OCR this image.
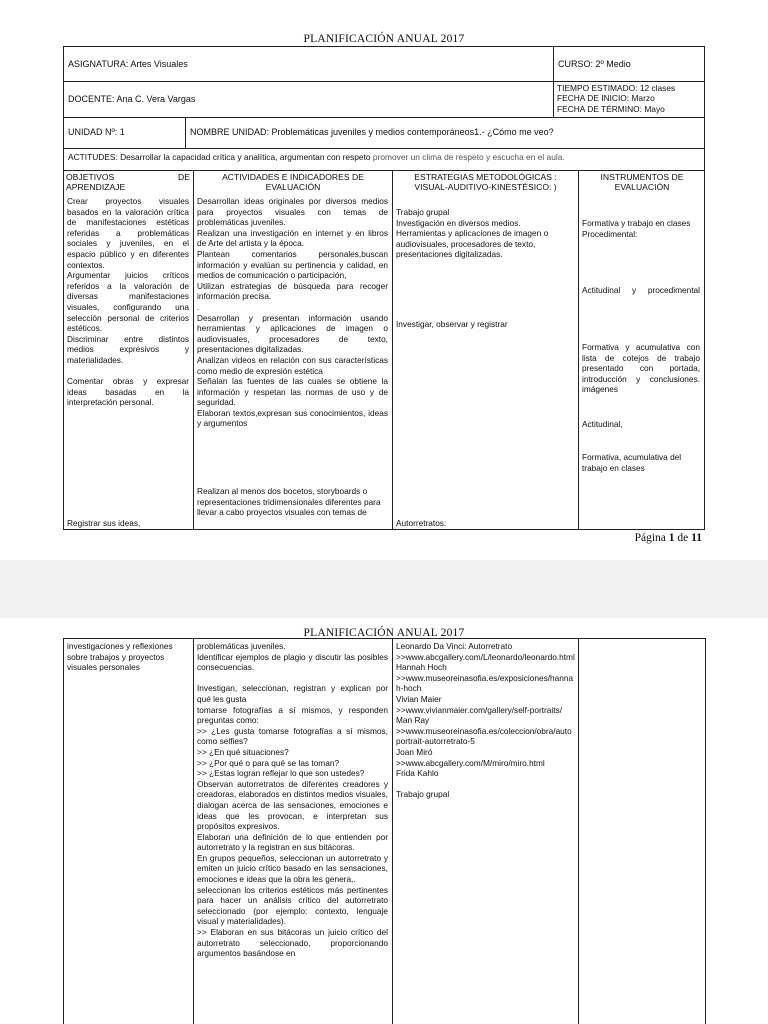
PLANIFICACIÓN ANUAL 2017
ASIGNATURA: Artes Visuales	CURSO: 2º Medio
DOCENTE: Ana C. Vera Vargas
TIEMPO ESTIMADO: 12 clases
FECHA DE INICIO: Marzo
FECHA DE TÉRMINO: Mayo
UNIDAD Nº: 1	NOMBRE UNIDAD: Problemáticas juveniles y medios contemporáneos1.- ¿Cómo me veo?
ACTITUDES: Desarrollar la capacidad crítica y analítica, argumentan con respeto promover un clima de respeto y escucha en el aula.
OBJETIVOS DE
APRENDIZAJE
ACTIVIDADES E INDICADORES DE
EVALUACIÓN
ESTRATEGIAS METODOLÓGICAS :
VISUAL-AUDITIVO-KINESTÉSICO: )
INSTRUMENTOS DE
EVALUACIÓN
Crear proyectos visuales basados en la valoración crítica de manifestaciones estéticas referidas a problemáticas sociales y juveniles, en el espacio público y en diferentes contextos.
Argumentar juicios críticos referidos a la valoración de diversas manifestaciones visuales, configurando una selección personal de criterios estéticos.
Discriminar entre distintos medios expresivos y materialidades.

Comentar obras y expresar ideas basadas en la interpretación personal.
Registrar sus ideas,
Desarrollan ideas originales por diversos medios para proyectos visuales con temas de problemáticas juveniles.
Realizan una investigación en internet y en libros de Arte del artista y la época.
Plantean comentarios personales,buscan información y evalúan su pertinencia y calidad, en medios de comunicación o participación,
Utilizan estrategias de búsqueda para recoger información precisa.
.
Desarrollan y presentan información usando herramientas y aplicaciones de imagen o audiovisuales, procesadores de texto, presentaciones digitalizadas.
Analizan videos en relación con sus características como medio de expresión estética
Señalan las fuentes de las cuales se obtiene la información y respetan las normas de uso y de seguridad.
Elaboran textos,expresan sus conocimientos, ideas y argumentos
Realizan al menos dos bocetos, storyboards o representaciones tridimensionales diferentes para llevar a cabo proyectos visuales con temas de
Trabajo grupal
Investigación en diversos medios.
Herramientas y aplicaciones de imagen o audiovisuales, procesadores de texto, presentaciones digitalizadas.
Investigar, observar y registrar
Autorretratos:
Formativa y trabajo en clases
Procedimental:
Actitudinal y procedimental
Formativa y acumulativa con lista de cotejos de trabajo presentado con portada, introducción y conclusiones. imágenes
Actitudinal,
Formativa, acumulativa del trabajo en clases
Página 1 de 11
PLANIFICACIÓN ANUAL 2017
investigaciones y reflexiones sobre trabajos y proyectos visuales personales
problemáticas juveniles.
Identificar ejemplos de plagio y discutir las posibles consecuencias.

Investigan, seleccionan, registran y explican por qué les gusta
tomarse fotografías a sí mismos, y responden preguntas como:
>> ¿Les gusta tomarse fotografías a sí mismos, como selfies?
>> ¿En qué situaciones?
>> ¿Por qué o para qué se las toman?
>> ¿Estas logran reflejar lo que son ustedes?
Observan autorretratos de diferentes creadores y creadoras, elaborados en distintos medios visuales, dialogan acerca de las sensaciones, emociones e ideas que les provocan, e interpretan sus propósitos expresivos.
Elaboran una definición de lo que entienden por autorretrato y la registran en sus bitácoras.
En grupos pequeños, seleccionan un autorretrato y emiten un juicio crítico basado en las sensaciones, emociones e ideas que la obra les genera,.
seleccionan los criterios estéticos más pertinentes para hacer un análisis crítico del autorretrato seleccionado (por ejemplo: contexto, lenguaje visual y materialidades).
>> Elaboran en sus bitácoras un juicio crítico del autorretrato seleccionado, proporcionando argumentos basándose en
Leonardo Da Vinci: Autorretrato
>>www.abcgallery.com/L/leonardo/leonardo.html
Hannah Hoch
>>www.museoreinasofia.es/exposiciones/hannah-hoch
Vivian Maier
>>www.vivianmaier.com/gallery/self-portraits/
Man Ray
>>www.museoreinasofia.es/coleccion/obra/autoportrait-autorretrato-5
Joan Miró
>>www.abcgallery.com/M/miro/miro.html
Frida Kahlo

Trabajo grupal
